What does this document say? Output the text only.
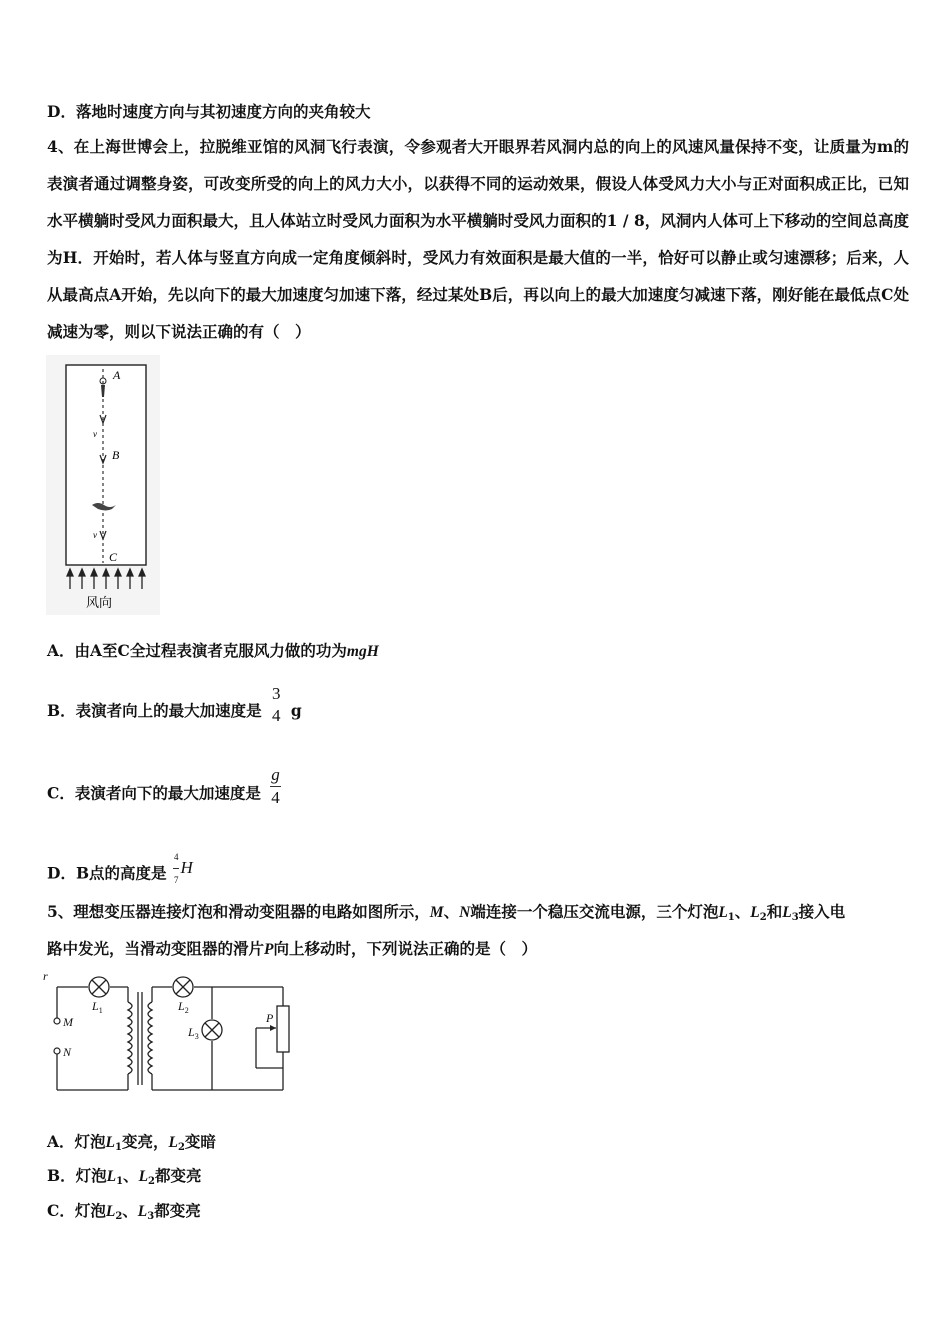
D．落地时速度方向与其初速度方向的夹角较大
4、在上海世博会上，拉脱维亚馆的风洞飞行表演，令参观者大开眼界若风洞内总的向上的风速风量保持不变，让质量为m的表演者通过调整身姿，可改变所受的向上的风力大小，以获得不同的运动效果，假设人体受风力大小与正对面积成正比，已知水平横躺时受风力面积最大，且人体站立时受风力面积为水平横躺时受风力面积的1 / 8，风洞内人体可上下移动的空间总高度为H．开始时，若人体与竖直方向成一定角度倾斜时，受风力有效面积是最大值的一半，恰好可以静止或匀速漂移；后来，人从最高点A开始，先以向下的最大加速度匀加速下落，经过某处B后，再以向上的最大加速度匀减速下落，刚好能在最低点C处减速为零，则以下说法正确的有（　）
A
v
B
v
C
风向
A．由A至C全过程表演者克服风力做的功为mgH
B．表演者向上的最大加速度是
3
4 g
C．表演者向下的最大加速度是 $\frac{g}{4}$
D．B点的高度是 $\frac{4}{7}$ H
5、理想变压器连接灯泡和滑动变阻器的电路如图所示，M、N端连接一个稳压交流电源，三个灯泡$L_1$、$L_2$和$L_3$接入电
路中发光，当滑动变阻器的滑片P向上移动时，下列说法正确的是（　）
r
M
N
$L_1$	$L_2$
$L_3$
P
A．灯泡$L_1$变亮，$L_2$变暗
B．灯泡$L_1$、$L_2$都变亮
C．灯泡$L_2$、$L_3$都变亮
